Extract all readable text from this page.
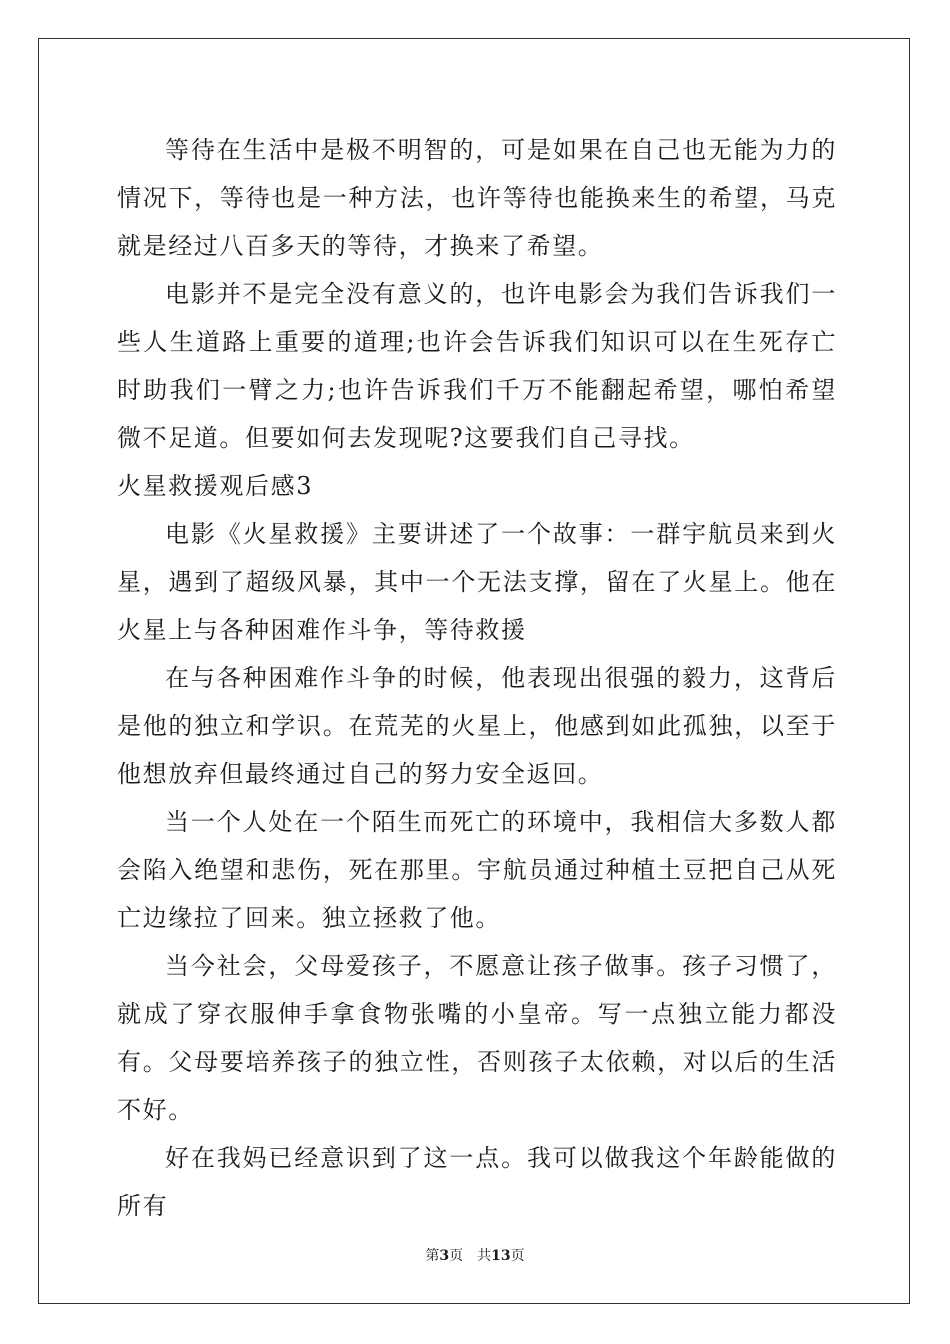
等待在生活中是极不明智的，可是如果在自己也无能为力的情况下，等待也是一种方法，也许等待也能换来生的希望，马克就是经过八百多天的等待，才换来了希望。

电影并不是完全没有意义的，也许电影会为我们告诉我们一些人生道路上重要的道理;也许会告诉我们知识可以在生死存亡时助我们一臂之力;也许告诉我们千万不能翻起希望，哪怕希望微不足道。但要如何去发现呢?这要我们自己寻找。

火星救援观后感3

电影《火星救援》主要讲述了一个故事：一群宇航员来到火星，遇到了超级风暴，其中一个无法支撑，留在了火星上。他在火星上与各种困难作斗争，等待救援

在与各种困难作斗争的时候，他表现出很强的毅力，这背后是他的独立和学识。在荒芜的火星上，他感到如此孤独，以至于他想放弃但最终通过自己的努力安全返回。

当一个人处在一个陌生而死亡的环境中，我相信大多数人都会陷入绝望和悲伤，死在那里。宇航员通过种植土豆把自己从死亡边缘拉了回来。独立拯救了他。

当今社会，父母爱孩子，不愿意让孩子做事。孩子习惯了，就成了穿衣服伸手拿食物张嘴的小皇帝。写一点独立能力都没有。父母要培养孩子的独立性，否则孩子太依赖，对以后的生活不好。

好在我妈已经意识到了这一点。我可以做我这个年龄能做的所有

第3页 共13页
